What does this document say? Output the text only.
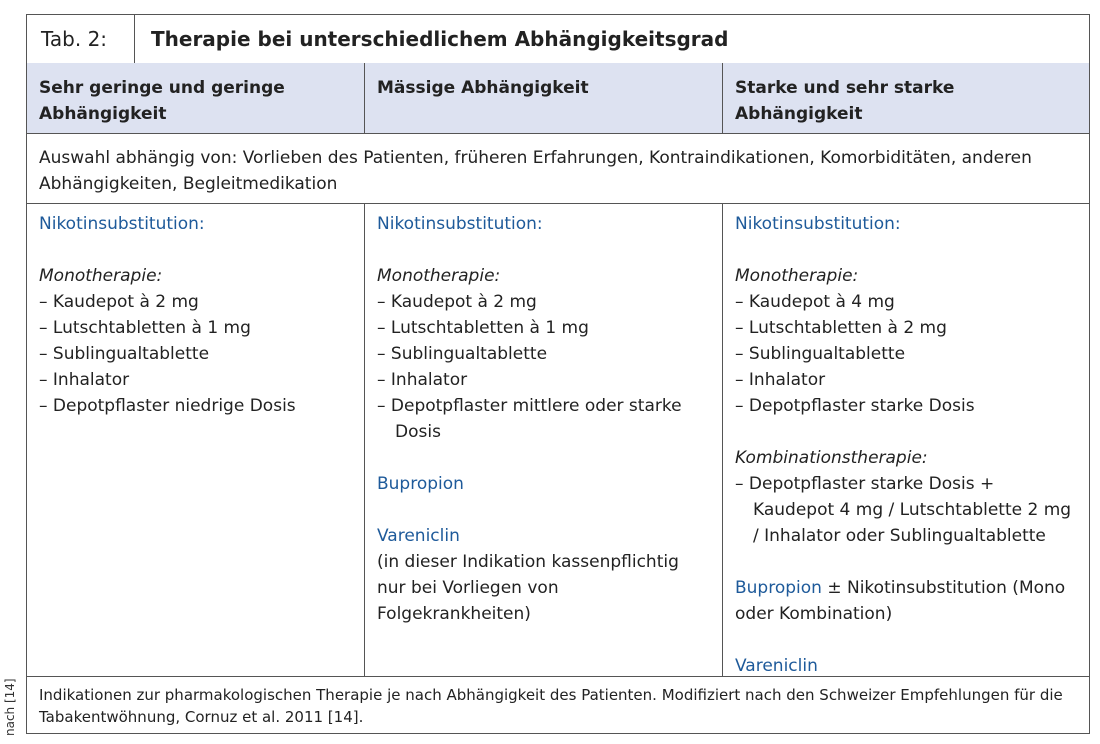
nach [14]
Tab. 2:	Therapie bei unterschiedlichem Abhängigkeitsgrad
Sehr geringe und geringe Abhängigkeit
Mässige Abhängigkeit	Starke und sehr starke Abhängigkeit
Auswahl abhängig von: Vorlieben des Patienten, früheren Erfahrungen, Kontraindikationen, Komorbiditäten, anderen Abhängigkeiten, Begleitmedikation
Nikotinsubstitution:
Monotherapie:
– Kaudepot à 2 mg
– Lutschtabletten à 1 mg
– Sublingualtablette
– Inhalator
– Depotpflaster niedrige Dosis
Nikotinsubstitution:
Monotherapie:
– Kaudepot à 2 mg
– Lutschtabletten à 1 mg
– Sublingualtablette
– Inhalator
– Depotpflaster mittlere oder starke Dosis
Bupropion
Vareniclin
(in dieser Indikation kassenpflichtig nur bei Vorliegen von Folgekrankheiten)
Nikotinsubstitution:
Monotherapie:
– Kaudepot à 4 mg
– Lutschtabletten à 2 mg
– Sublingualtablette
– Inhalator
– Depotpflaster starke Dosis
Kombinationstherapie:
– Depotpflaster starke Dosis + Kaudepot 4 mg / Lutschtablette 2 mg / Inhalator oder Sublingualtablette
Bupropion ± Nikotinsubstitution (Mono oder Kombination)
Vareniclin
Indikationen zur pharmakologischen Therapie je nach Abhängigkeit des Patienten. Modifiziert nach den Schweizer Empfehlungen für die Tabakentwöhnung, Cornuz et al. 2011 [14].
